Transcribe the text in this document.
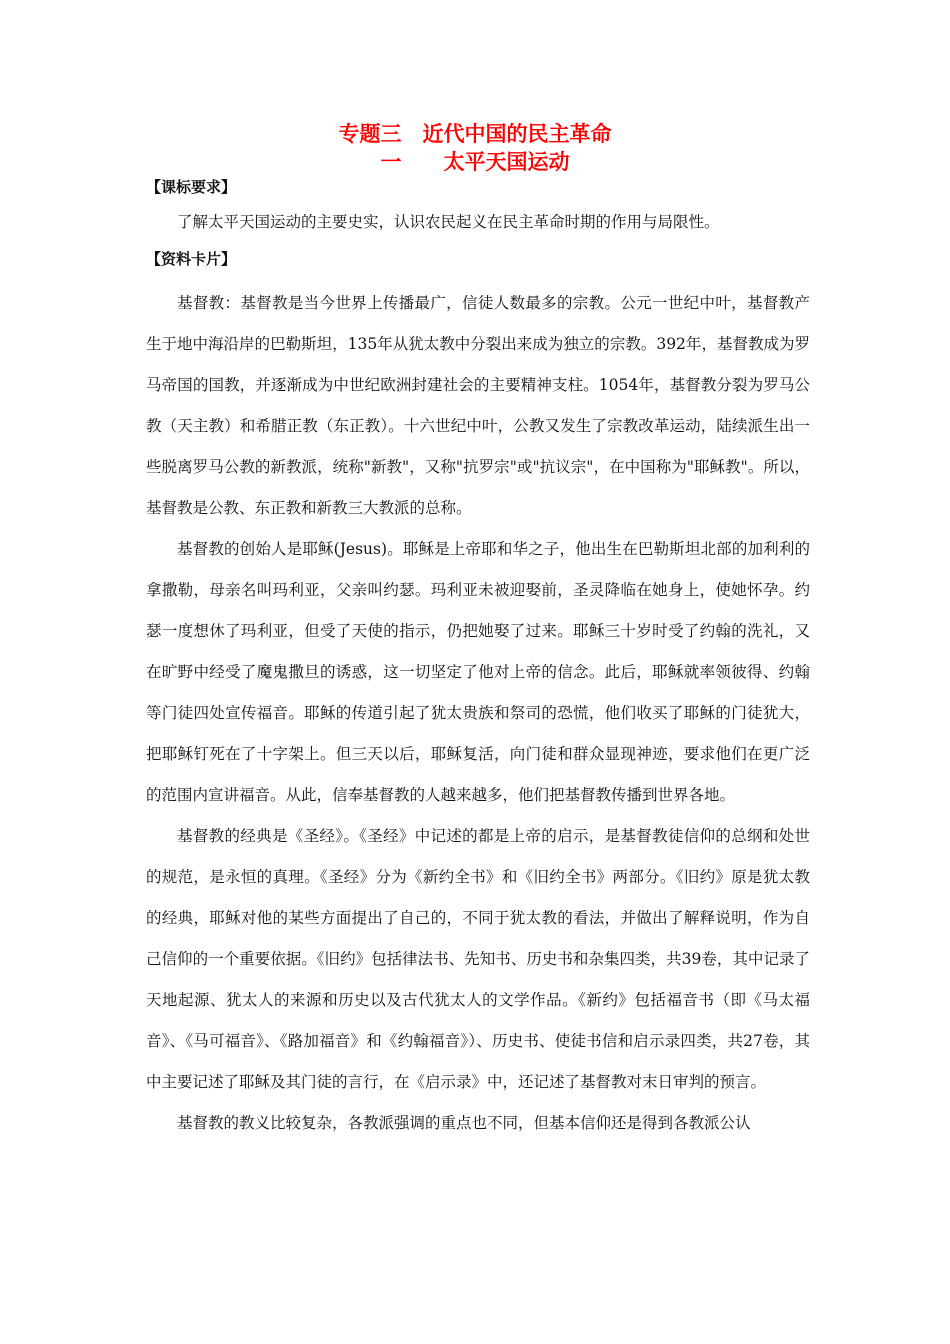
专题三　近代中国的民主革命
一　　太平天国运动
【课标要求】
了解太平天国运动的主要史实，认识农民起义在民主革命时期的作用与局限性。
【资料卡片】

基督教：基督教是当今世界上传播最广，信徒人数最多的宗教。公元一世纪中叶，基督教产生于地中海沿岸的巴勒斯坦，135年从犹太教中分裂出来成为独立的宗教。392年，基督教成为罗马帝国的国教，并逐渐成为中世纪欧洲封建社会的主要精神支柱。1054年，基督教分裂为罗马公教（天主教）和希腊正教（东正教）。十六世纪中叶，公教又发生了宗教改革运动，陆续派生出一些脱离罗马公教的新教派，统称"新教"，又称"抗罗宗"或"抗议宗"，在中国称为"耶稣教"。所以，基督教是公教、东正教和新教三大教派的总称。

基督教的创始人是耶稣(Jesus)。耶稣是上帝耶和华之子，他出生在巴勒斯坦北部的加利利的拿撒勒，母亲名叫玛利亚，父亲叫约瑟。玛利亚未被迎娶前，圣灵降临在她身上，使她怀孕。约瑟一度想休了玛利亚，但受了天使的指示，仍把她娶了过来。耶稣三十岁时受了约翰的洗礼，又在旷野中经受了魔鬼撒旦的诱惑，这一切坚定了他对上帝的信念。此后，耶稣就率领彼得、约翰等门徒四处宣传福音。耶稣的传道引起了犹太贵族和祭司的恐慌，他们收买了耶稣的门徒犹大，把耶稣钉死在了十字架上。但三天以后，耶稣复活，向门徒和群众显现神迹，要求他们在更广泛的范围内宣讲福音。从此，信奉基督教的人越来越多，他们把基督教传播到世界各地。

基督教的经典是《圣经》。《圣经》中记述的都是上帝的启示，是基督教徒信仰的总纲和处世的规范，是永恒的真理。《圣经》分为《新约全书》和《旧约全书》两部分。《旧约》原是犹太教的经典，耶稣对他的某些方面提出了自己的，不同于犹太教的看法，并做出了解释说明，作为自己信仰的一个重要依据。《旧约》包括律法书、先知书、历史书和杂集四类，共39卷，其中记录了天地起源、犹太人的来源和历史以及古代犹太人的文学作品。《新约》包括福音书（即《马太福音》、《马可福音》、《路加福音》和《约翰福音》）、历史书、使徒书信和启示录四类，共27卷，其中主要记述了耶稣及其门徒的言行，在《启示录》中，还记述了基督教对末日审判的预言。

基督教的教义比较复杂，各教派强调的重点也不同，但基本信仰还是得到各教派公认
